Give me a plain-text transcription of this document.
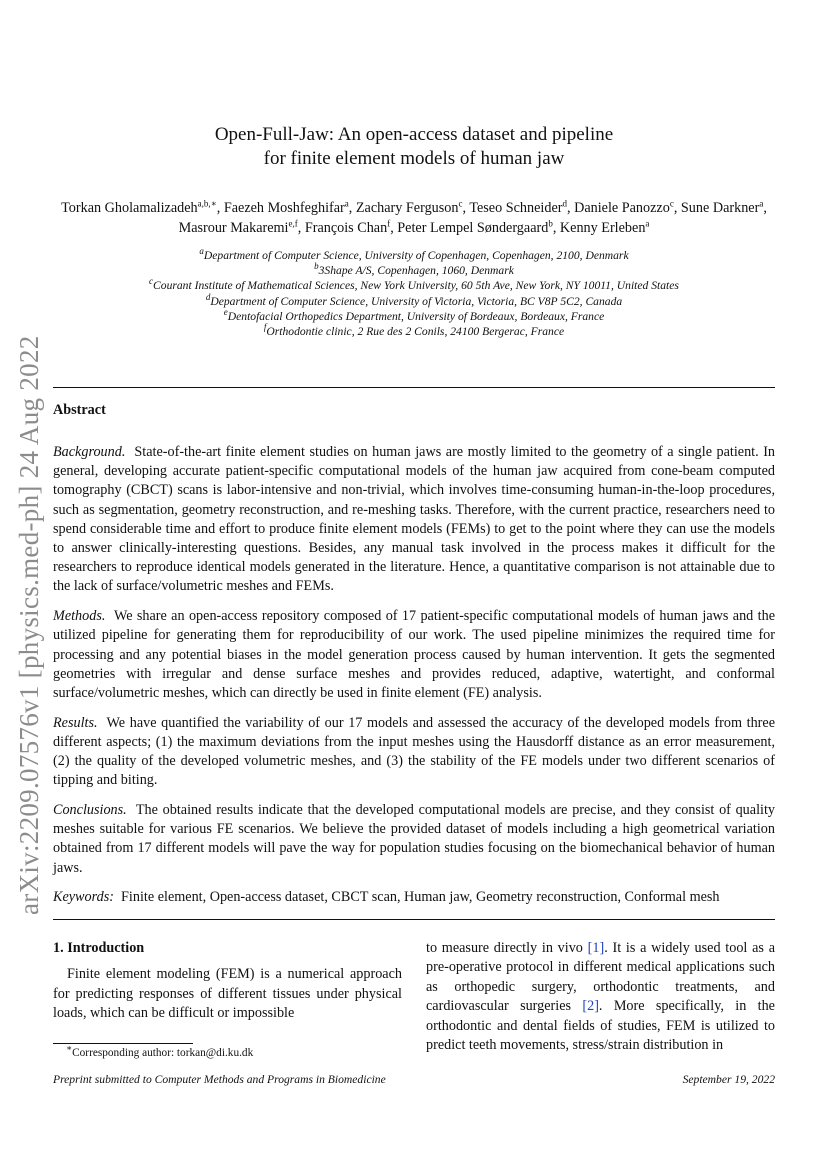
arXiv:2209.07576v1 [physics.med-ph] 24 Aug 2022
Open-Full-Jaw: An open-access dataset and pipeline
for finite element models of human jaw
Torkan Gholamalizadeh$^{a,b,∗}$, Faezeh Moshfeghifar$^a$, Zachary Ferguson$^c$, Teseo Schneider$^d$, Daniele Panozzo$^c$, Sune Darkner$^a$, Masrour Makaremi$^{e,f}$, François Chan$^f$, Peter Lempel Søndergaard$^b$, Kenny Erleben$^a$
$^a$Department of Computer Science, University of Copenhagen, Copenhagen, 2100, Denmark
$^b$3Shape A/S, Copenhagen, 1060, Denmark
$^c$Courant Institute of Mathematical Sciences, New York University, 60 5th Ave, New York, NY 10011, United States
$^d$Department of Computer Science, University of Victoria, Victoria, BC V8P 5C2, Canada
$^e$Dentofacial Orthopedics Department, University of Bordeaux, Bordeaux, France
$^f$Orthodontie clinic, 2 Rue des 2 Conils, 24100 Bergerac, France
Abstract

Background. State-of-the-art finite element studies on human jaws are mostly limited to the geometry of a single patient. In general, developing accurate patient-specific computational models of the human jaw acquired from cone-beam computed tomography (CBCT) scans is labor-intensive and non-trivial, which involves time-consuming human-in-the-loop procedures, such as segmentation, geometry reconstruction, and re-meshing tasks. Therefore, with the current practice, researchers need to spend considerable time and effort to produce finite element models (FEMs) to get to the point where they can use the models to answer clinically-interesting questions. Besides, any manual task involved in the process makes it difficult for the researchers to reproduce identical models generated in the literature. Hence, a quantitative comparison is not attainable due to the lack of surface/volumetric meshes and FEMs.

Methods. We share an open-access repository composed of 17 patient-specific computational models of human jaws and the utilized pipeline for generating them for reproducibility of our work. The used pipeline minimizes the required time for processing and any potential biases in the model generation process caused by human intervention. It gets the segmented geometries with irregular and dense surface meshes and provides reduced, adaptive, watertight, and conformal surface/volumetric meshes, which can directly be used in finite element (FE) analysis.

Results. We have quantified the variability of our 17 models and assessed the accuracy of the developed models from three different aspects; (1) the maximum deviations from the input meshes using the Hausdorff distance as an error measurement, (2) the quality of the developed volumetric meshes, and (3) the stability of the FE models under two different scenarios of tipping and biting.

Conclusions. The obtained results indicate that the developed computational models are precise, and they consist of quality meshes suitable for various FE scenarios. We believe the provided dataset of models including a high geometrical variation obtained from 17 different models will pave the way for population studies focusing on the biomechanical behavior of human jaws.

Keywords: Finite element, Open-access dataset, CBCT scan, Human jaw, Geometry reconstruction, Conformal mesh

1. Introduction

Finite element modeling (FEM) is a numerical approach for predicting responses of different tissues under physical loads, which can be difficult or impossible

to measure directly in vivo [1]. It is a widely used tool as a pre-operative protocol in different medical applications such as orthopedic surgery, orthodontic treatments, and cardiovascular surgeries [2]. More specifically, in the orthodontic and dental fields of studies, FEM is utilized to predict teeth movements, stress/strain distribution in

∗Corresponding author: torkan@di.ku.dk
Preprint submitted to Computer Methods and Programs in Biomedicine	September 19, 2022
